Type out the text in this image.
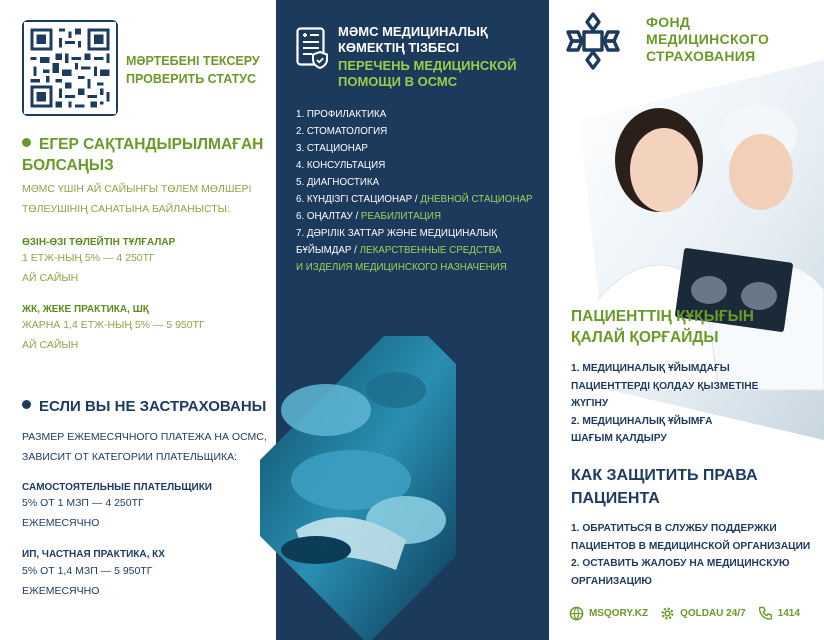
МӘРТЕБЕНІ ТЕКСЕРУ
ПРОВЕРИТЬ СТАТУС
ЕГЕР САҚТАНДЫРЫЛМАҒАН
БОЛСАҢЫЗ
МӘМС ҮШІН АЙ САЙЫНҒЫ ТӨЛЕМ МӨЛШЕРІ
ТӨЛЕУШІНІҢ САНАТЫНА БАЙЛАНЫСТЫ:
ӨЗІН-ӨЗІ ТӨЛЕЙТІН ТҰЛҒАЛАР
1 ЕТЖ-НЫҢ 5% — 4 250ТГ
АЙ САЙЫН
ЖК, ЖЕКЕ ПРАКТИКА, ШҚ
ЖАРНА 1,4 ЕТЖ-НЫҢ 5% — 5 950ТГ
АЙ САЙЫН
ЕСЛИ ВЫ НЕ ЗАСТРАХОВАНЫ
РАЗМЕР ЕЖЕМЕСЯЧНОГО ПЛАТЕЖА НА ОСМС,
ЗАВИСИТ ОТ КАТЕГОРИИ ПЛАТЕЛЬЩИКА:
САМОСТОЯТЕЛЬНЫЕ ПЛАТЕЛЬЩИКИ
5% ОТ 1 МЗП — 4 250ТГ
ЕЖЕМЕСЯЧНО
ИП, ЧАСТНАЯ ПРАКТИКА, КХ
5% ОТ 1,4 МЗП — 5 950ТГ
ЕЖЕМЕСЯЧНО
МӘМС МЕДИЦИНАЛЫҚ
КӨМЕКТІҢ ТІЗБЕСІ
ПЕРЕЧЕНЬ МЕДИЦИНСКОЙ
ПОМОЩИ В ОСМС
1. ПРОФИЛАКТИКА
2. СТОМАТОЛОГИЯ
3. СТАЦИОНАР
4. КОНСУЛЬТАЦИЯ
5. ДИАГНОСТИКА
6. КҮНДІЗГІ СТАЦИОНАР / ДНЕВНОЙ СТАЦИОНАР
6. ОҢАЛТАУ / РЕАБИЛИТАЦИЯ
7. ДӘРІЛІК ЗАТТАР ЖӘНЕ МЕДИЦИНАЛЫҚ
БҰЙЫМДАР / ЛЕКАРСТВЕННЫЕ СРЕДСТВА
И ИЗДЕЛИЯ МЕДИЦИНСКОГО НАЗНАЧЕНИЯ
ФОНД
МЕДИЦИНСКОГО
СТРАХОВАНИЯ
ПАЦИЕНТТІҢ ҚҰҚЫҒЫН
ҚАЛАЙ ҚОРҒАЙДЫ
1. МЕДИЦИНАЛЫҚ ҰЙЫМДАҒЫ
ПАЦИЕНТТЕРДІ ҚОЛДАУ ҚЫЗМЕТІНЕ
ЖҮГІНУ
2. МЕДИЦИНАЛЫҚ ҰЙЫМҒА
ШАҒЫМ ҚАЛДЫРУ
КАК ЗАЩИТИТЬ ПРАВА
ПАЦИЕНТА
1. ОБРАТИТЬСЯ В СЛУЖБУ ПОДДЕРЖКИ
ПАЦИЕНТОВ В МЕДИЦИНСКОЙ ОРГАНИЗАЦИИ
2. ОСТАВИТЬ ЖАЛОБУ НА МЕДИЦИНСКУЮ
ОРГАНИЗАЦИЮ
MSQORY.KZ	QOLDAU 24/7	1414
